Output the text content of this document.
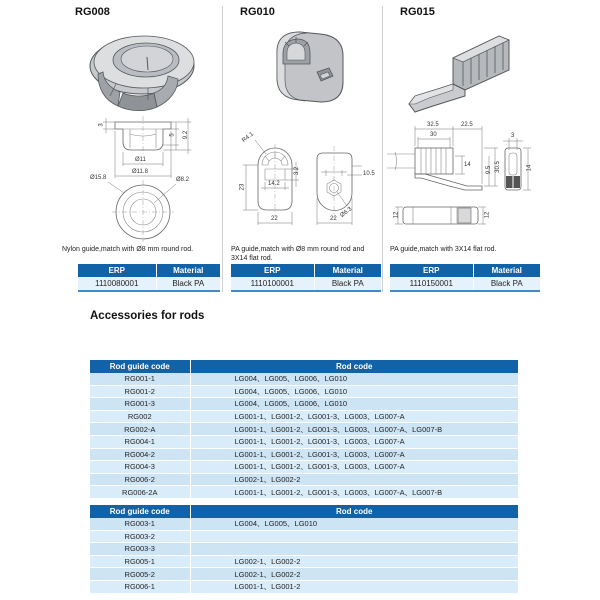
RG008
3
5 9.2
Ø11
Ø11.8
Ø15.8	Ø8.2
Nylon guide,match with Ø8 mm round rod.
ERP	Material
1110080001	Black PA
RG010
R4.1
3.2
14.2
23
22
10.5
Ø6.3
22
PA guide,match with Ø8 mm round rod and 3X14 flat rod.
ERP	Material
1110100001	Black PA
RG015
32.5	22.5
30
14
9.5 30.5
3
14
12	12
PA guide,match with 3X14 flat rod.
ERP	Material
1110150001	Black PA
Accessories for rods
Rod guide code	Rod code
RG001-1	LG004、LG005、LG006、LG010
RG001-2	LG004、LG005、LG006、LG010
RG001-3	LG004、LG005、LG006、LG010
RG002	LG001-1、LG001-2、LG001-3、LG003、LG007-A
RG002-A	LG001-1、LG001-2、LG001-3、LG003、LG007-A、LG007-B
RG004-1	LG001-1、LG001-2、LG001-3、LG003、LG007-A
RG004-2	LG001-1、LG001-2、LG001-3、LG003、LG007-A
RG004-3	LG001-1、LG001-2、LG001-3、LG003、LG007-A
RG006-2	LG002-1、LG002-2
RG006-2A	LG001-1、LG001-2、LG001-3、LG003、LG007-A、LG007-B
Rod guide code	Rod code
RG003-1	LG004、LG005、LG010
RG003-2	
RG003-3	
RG005-1	LG002-1、LG002-2
RG005-2	LG002-1、LG002-2
RG006-1	LG001-1、LG001-2
